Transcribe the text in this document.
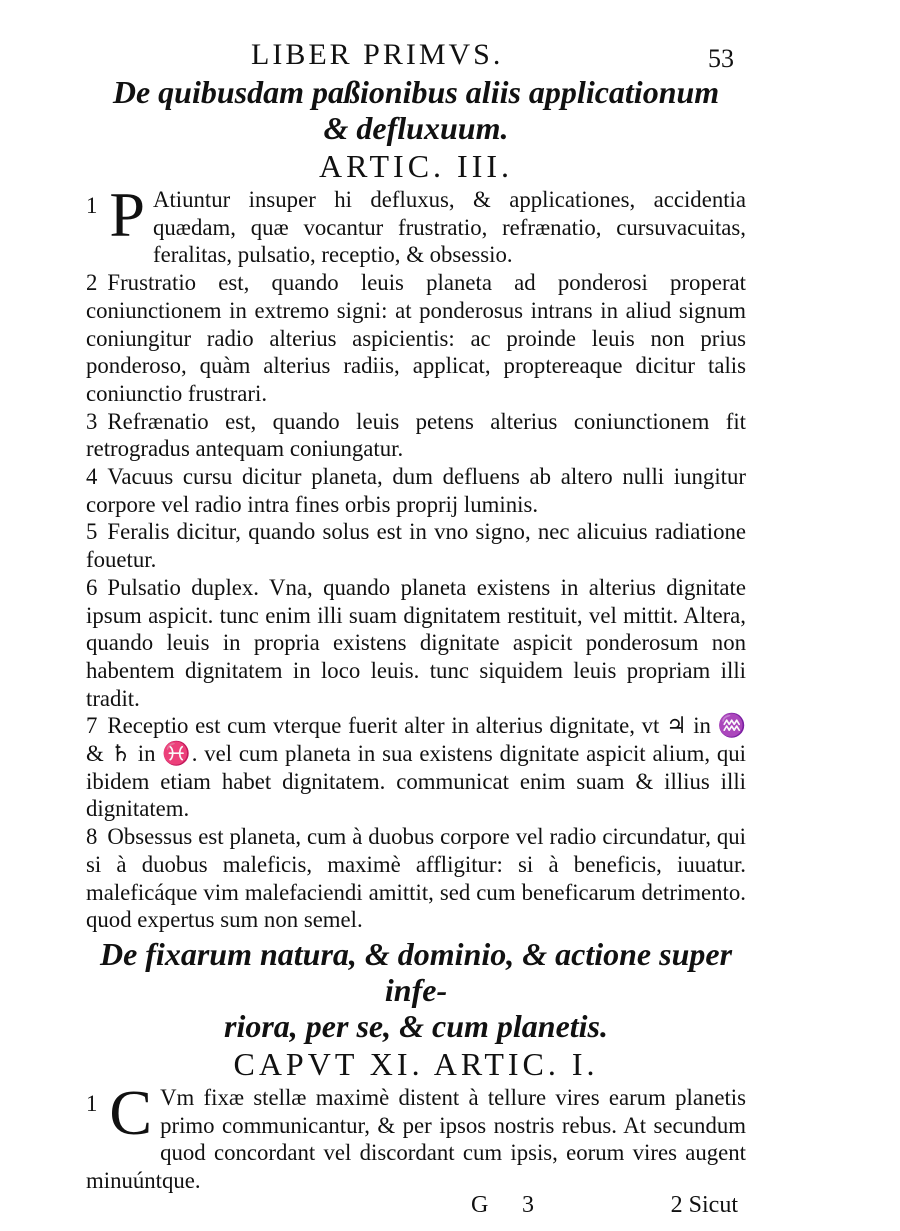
LIBER PRIMVS.	53
De quibusdam paßionibus aliis applicationum
& defluxuum.
ARTIC. III.

1 P Atiuntur insuper hi defluxus, & applicationes, accidentia quædam, quæ vocantur frustratio, refrænatio, cursuvacuitas, feralitas, pulsatio, receptio, & obsessio.

2 Frustratio est, quando leuis planeta ad ponderosi properat coniunctionem in extremo signi: at ponderosus intrans in aliud signum coniungitur radio alterius aspicientis: ac proinde leuis non prius ponderoso, quàm alterius radiis, applicat, proptereaque dicitur talis coniunctio frustrari.

3 Refrænatio est, quando leuis petens alterius coniunctionem fit retrogradus antequam coniungatur.

4 Vacuus cursu dicitur planeta, dum defluens ab altero nulli iungitur corpore vel radio intra fines orbis proprij luminis.

5 Feralis dicitur, quando solus est in vno signo, nec alicuius radiatione fouetur.

6 Pulsatio duplex. Vna, quando planeta existens in alterius dignitate ipsum aspicit. tunc enim illi suam dignitatem restituit, vel mittit. Altera, quando leuis in propria existens dignitate aspicit ponderosum non habentem dignitatem in loco leuis. tunc siquidem leuis propriam illi tradit.

7 Receptio est cum vterque fuerit alter in alterius dignitate, vt ♃ in ♒ & ♄ in ♓. vel cum planeta in sua existens dignitate aspicit alium, qui ibidem etiam habet dignitatem. communicat enim suam & illius illi dignitatem.

8 Obsessus est planeta, cum à duobus corpore vel radio circundatur, qui si à duobus maleficis, maximè affligitur: si à beneficis, iuuatur. maleficáque vim malefaciendi amittit, sed cum beneficarum detrimento. quod expertus sum non semel.

De fixarum natura, & dominio, & actione super infe-
riora, per se, & cum planetis.
CAPVT XI. ARTIC. I.

1 C Vm fixæ stellæ maximè distent à tellure vires earum planetis primo communicantur, & per ipsos nostris rebus. At secundum quod concordant vel discordant cum ipsis, eorum vires augent minuúntque.

G 3	2 Sicut
